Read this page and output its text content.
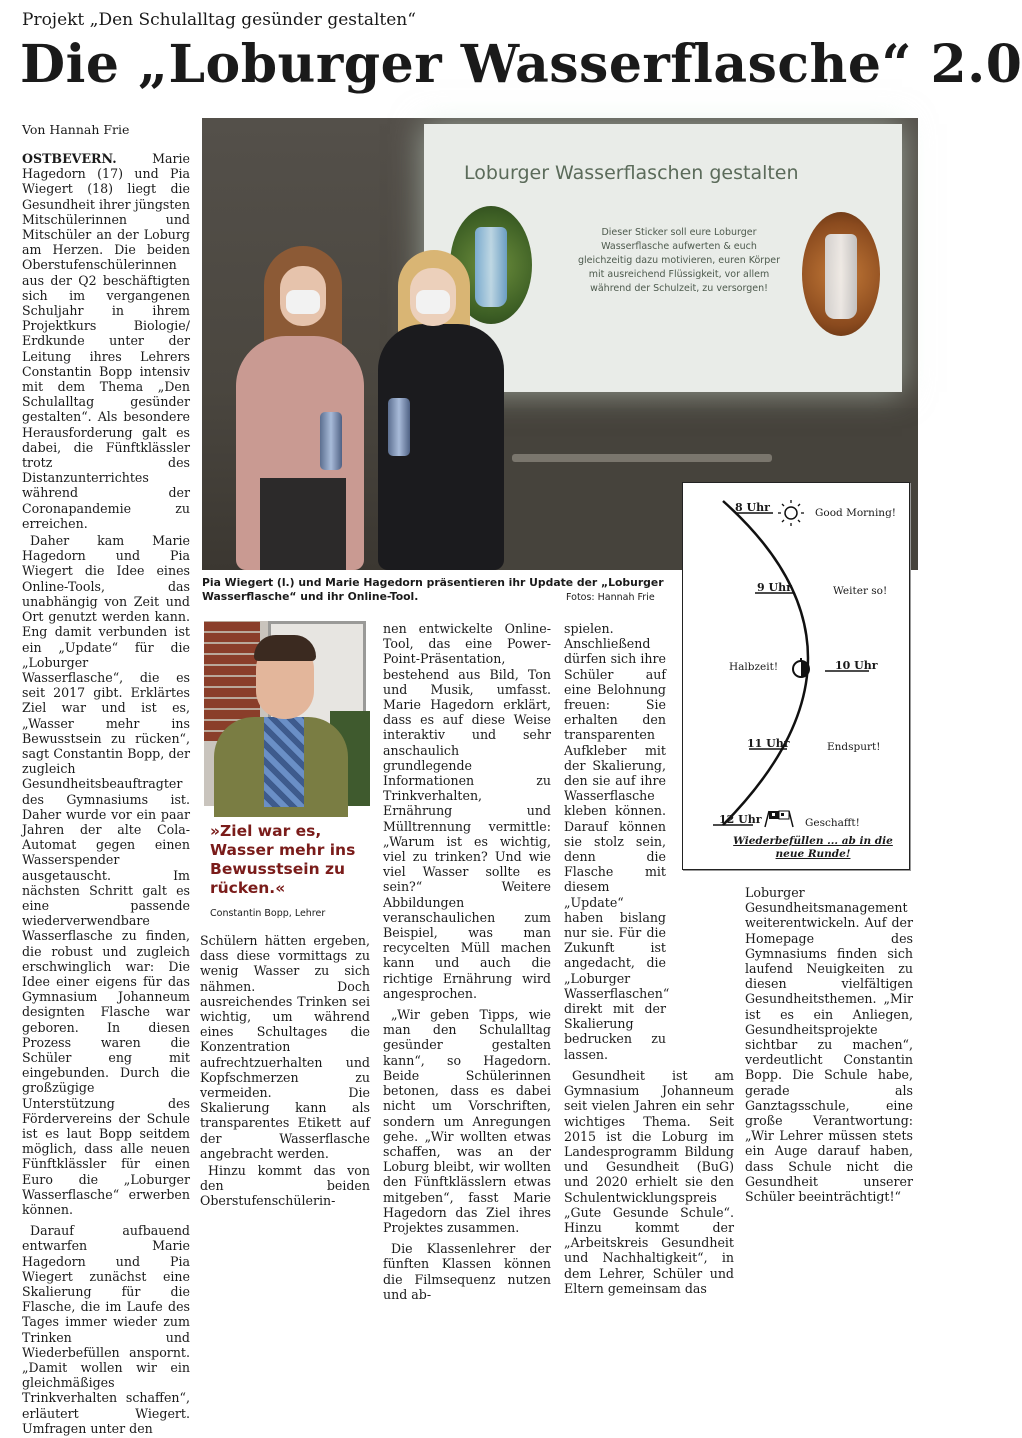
Projekt „Den Schulalltag gesünder gestalten“
Die „Loburger Wasserflasche“ 2.0
Von Hannah Frie

OSTBEVERN.	Marie Hagedorn (17) und Pia Wiegert (18) liegt die Gesundheit ihrer jüngsten Mitschülerinnen und Mitschüler an der Loburg am Herzen. Die beiden Oberstufenschülerinnen aus der Q2 beschäftigten sich im vergangenen Schuljahr in ihrem Projektkurs Biologie/ Erdkunde unter der Leitung ihres Lehrers Constantin Bopp intensiv mit dem Thema „Den Schulalltag gesünder gestalten“. Als besondere Herausforderung galt es dabei, die Fünftklässler trotz des Distanzunterrichtes während der Coronapandemie zu erreichen.

Daher kam Marie Hagedorn und Pia Wiegert die Idee eines Online-Tools, das unabhängig von Zeit und Ort genutzt werden kann. Eng damit verbunden ist ein „Update“ für die „Loburger Wasserflasche“, die es seit 2017 gibt. Erklärtes Ziel war und ist es, „Wasser mehr ins Bewusstsein zu rücken“, sagt Constantin Bopp, der zugleich Gesundheitsbeauftragter des Gymnasiums ist. Daher wurde vor ein paar Jahren der alte Cola-Automat gegen einen Wasserspender ausgetauscht. Im nächsten Schritt galt es eine passende wiederverwendbare Wasserflasche zu finden, die robust und zugleich erschwinglich war: Die Idee einer eigens für das Gymnasium Johanneum designten Flasche war geboren. In diesen Prozess waren die Schüler eng mit eingebunden. Durch die großzügige Unterstützung des Fördervereins der Schule ist es laut Bopp seitdem möglich, dass alle neuen Fünftklässler für einen Euro die „Loburger Wasserflasche“ erwerben können.

Darauf aufbauend entwarfen Marie Hagedorn und Pia Wiegert zunächst eine Skalierung für die Flasche, die im Laufe des Tages immer wieder zum Trinken und Wiederbefüllen anspornt. „Damit wollen wir ein gleichmäßiges Trinkverhalten schaffen“, erläutert Wiegert. Umfragen unter den

Loburger Wasserflaschen gestalten
Dieser Sticker soll eure Loburger Wasserflasche aufwerten & euch gleichzeitig dazu motivieren, euren Körper mit ausreichend Flüssigkeit, vor allem während der Schulzeit, zu versorgen!
Pia Wiegert (l.) und Marie Hagedorn präsentieren ihr Update der „Loburger Wasserflasche“ und ihr Online-Tool.	Fotos: Hannah Frie
»Ziel war es, Wasser mehr ins Bewusstsein zu rücken.«
Constantin Bopp, Lehrer

Schülern hätten ergeben, dass diese vormittags zu wenig Wasser zu sich nähmen. Doch ausreichendes Trinken sei wichtig, um während eines Schultages die Konzentration aufrechtzuerhalten und Kopfschmerzen zu vermeiden. Die Skalierung kann als transparentes Etikett auf der Wasserflasche angebracht werden.

Hinzu kommt das von den beiden Oberstufenschülerin-

nen entwickelte Online-Tool, das eine Power-Point-Präsentation, bestehend aus Bild, Ton und Musik, umfasst. Marie Hagedorn erklärt, dass es auf diese Weise interaktiv und sehr anschaulich grundlegende Informationen zu Trinkverhalten, Ernährung und Mülltrennung vermittle: „Warum ist es wichtig, viel zu trinken? Und wie viel Wasser sollte es sein?“ Weitere Abbildungen veranschaulichen zum Beispiel, was man recycelten Müll machen kann und auch die richtige Ernährung wird angesprochen.

„Wir geben Tipps, wie man den Schulalltag gesünder gestalten kann“, so Hagedorn. Beide Schülerinnen betonen, dass es dabei nicht um Vorschriften, sondern um Anregungen gehe. „Wir wollten etwas schaffen, was an der Loburg bleibt, wir wollten den Fünftklässlern etwas mitgeben“, fasst Marie Hagedorn das Ziel ihres Projektes zusammen.

Die Klassenlehrer der fünften Klassen können die Filmsequenz nutzen und ab-

spielen. Anschließend dürfen sich ihre Schüler auf eine Belohnung freuen: Sie erhalten den transparenten Aufkleber mit der Skalierung, den sie auf ihre Wasserflasche kleben können. Darauf können sie stolz sein, denn die Flasche mit diesem „Update“ haben bislang nur sie. Für die Zukunft ist angedacht, die „Loburger Wasserflaschen“ direkt mit der Skalierung bedrucken zu lassen.

Gesundheit ist am Gymnasium Johanneum seit vielen Jahren ein sehr wichtiges Thema. Seit 2015 ist die Loburg im Landesprogramm Bildung und Gesundheit (BuG) und 2020 erhielt sie den Schulentwicklungspreis „Gute Gesunde Schule“. Hinzu kommt der „Arbeitskreis Gesundheit und Nachhaltigkeit“, in dem Lehrer, Schüler und Eltern gemeinsam das

Loburger Gesundheitsmanagement weiterentwickeln. Auf der Homepage des Gymnasiums finden sich laufend Neuigkeiten zu diesen vielfältigen Gesundheitsthemen. „Mir ist es ein Anliegen, Gesundheitsprojekte sichtbar zu machen“, verdeutlicht Constantin Bopp. Die Schule habe, gerade als Ganztagsschule, eine große Verantwortung: „Wir Lehrer müssen stets ein Auge darauf haben, dass Schule nicht die Gesundheit unserer Schüler beeinträchtigt!“

8 Uhr	Good Morning!
9 Uhr	Weiter so!
Halbzeit!	10 Uhr
11 Uhr	Endspurt!
12 Uhr	Geschafft!
Wiederbefüllen ... ab in die neue Runde!
